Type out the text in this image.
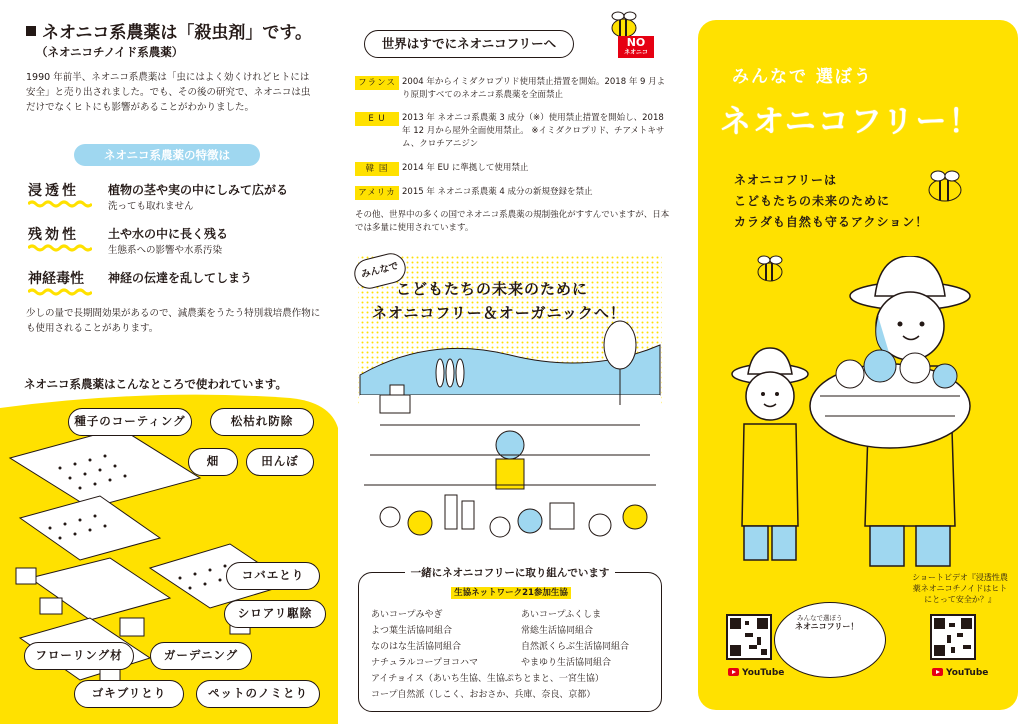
ネオニコ系農薬は「殺虫剤」です。
（ネオニコチノイド系農薬）

1990 年前半、ネオニコ系農薬は「虫にはよく効くけれどヒトには安全」と売り出されました。でも、その後の研究で、ネオニコは虫だけでなくヒトにも影響があることがわかりました。

ネオニコ系農薬の特徴は
浸透性	植物の茎や実の中にしみて広がる
洗っても取れません
残効性	土や水の中に長く残る
生態系への影響や水系汚染
神経毒性	神経の伝達を乱してしまう

少しの量で長期間効果があるので、減農薬をうたう特別栽培農作物にも使用されることがあります。

ネオニコ系農薬はこんなところで使われています。
種子のコーティング	松枯れ防除
畑	田んぼ
コバエとり
シロアリ駆除
フローリング材	ガーデニング
ゴキブリとり	ペットのノミとり
世界はすでにネオニコフリーへ	NO
ネオニコ
フランス 2004 年からイミダクロプリド使用禁止措置を開始。2018 年 9 月より原則すべてのネオニコ系農薬を全面禁止
E U	2013 年 ネオニコ系農薬 3 成分（※）使用禁止措置を開始し、2018 年 12 月から屋外全面使用禁止。 ※イミダクロプリド、チアメトキサム、クロチアニジン
韓 国	2014 年 EU に準拠して使用禁止
アメリカ 2015 年 ネオニコ系農薬 4 成分の新規登録を禁止

その他、世界中の多くの国でネオニコ系農薬の規制強化がすすんでいますが、日本では多量に使用されています。

みんなで
こどもたちの未来のために
ネオニコフリー＆オーガニックへ！
一緒にネオニコフリーに取り組んでいます
生協ネットワーク21参加生協
あいコープみやぎ	あいコープふくしま
よつ葉生活協同組合	常総生活協同組合
なのはな生活協同組合	自然派くらぶ生活協同組合
ナチュラルコープヨコハマ	やまゆり生活協同組合
アイチョイス（あいち生協、生協ぷちとまと、一宮生協）
コープ自然派（しこく、おおさか、兵庫、奈良、京都）
みんなで 選ぼう
ネオニコフリー！
ネオニコフリーは
こどもたちの未来のために
カラダも自然も守るアクション！
ショートビデオ『浸透性農薬ネオニコチノイドはヒトにとって安全か？』
YouTube
みんなで選ぼう
ネオニコフリー！
YouTube
